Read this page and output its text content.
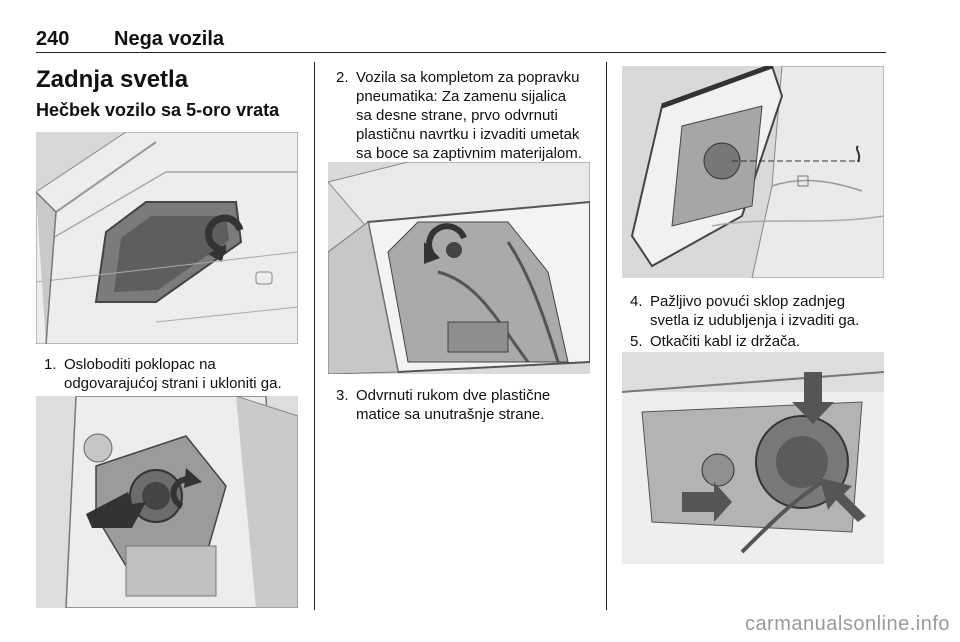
240 Nega vozila
Zadnja svetla
Hečbek vozilo sa 5-oro vrata
1. Osloboditi poklopac na
odgovarajućoj strani i ukloniti ga.
2. Vozila sa kompletom za popravku
pneumatika: Za zamenu sijalica
sa desne strane, prvo odvrnuti
plastičnu navrtku i izvaditi umetak
sa boce sa zaptivnim materijalom.
3. Odvrnuti rukom dve plastične
matice sa unutrašnje strane.
4. Pažljivo povući sklop zadnjeg
svetla iz udubljenja i izvaditi ga.
5. Otkačiti kabl iz držača.
carmanualsonline.info
